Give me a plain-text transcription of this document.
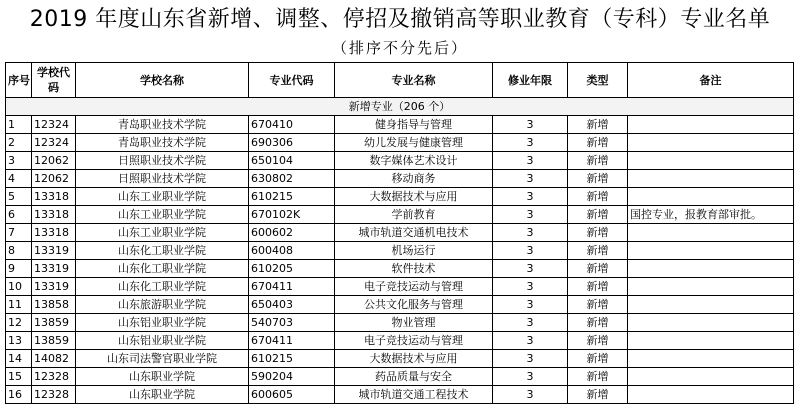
2019 年度山东省新增、调整、停招及撤销高等职业教育（专科）专业名单
（排序不分先后）
序号	学校代码	学校名称	专业代码	专业名称	修业年限	类型	备注
新增专业（206 个）							
1	12324	青岛职业技术学院	670410	健身指导与管理	3	新增	
2	12324	青岛职业技术学院	690306	幼儿发展与健康管理	3	新增	
3	12062	日照职业技术学院	650104	数字媒体艺术设计	3	新增	
4	12062	日照职业技术学院	630802	移动商务	3	新增	
5	13318	山东工业职业学院	610215	大数据技术与应用	3	新增	
6	13318	山东工业职业学院	670102K	学前教育	3	新增	国控专业，报教育部审批。
7	13318	山东工业职业学院	600602	城市轨道交通机电技术	3	新增	
8	13319	山东化工职业学院	600408	机场运行	3	新增	
9	13319	山东化工职业学院	610205	软件技术	3	新增	
10	13319	山东化工职业学院	670411	电子竞技运动与管理	3	新增	
11	13858	山东旅游职业学院	650403	公共文化服务与管理	3	新增	
12	13859	山东铝业职业学院	540703	物业管理	3	新增	
13	13859	山东铝业职业学院	670411	电子竞技运动与管理	3	新增	
14	14082	山东司法警官职业学院	610215	大数据技术与应用	3	新增	
15	12328	山东职业学院	590204	药品质量与安全	3	新增	
16	12328	山东职业学院	600605	城市轨道交通工程技术	3	新增	
